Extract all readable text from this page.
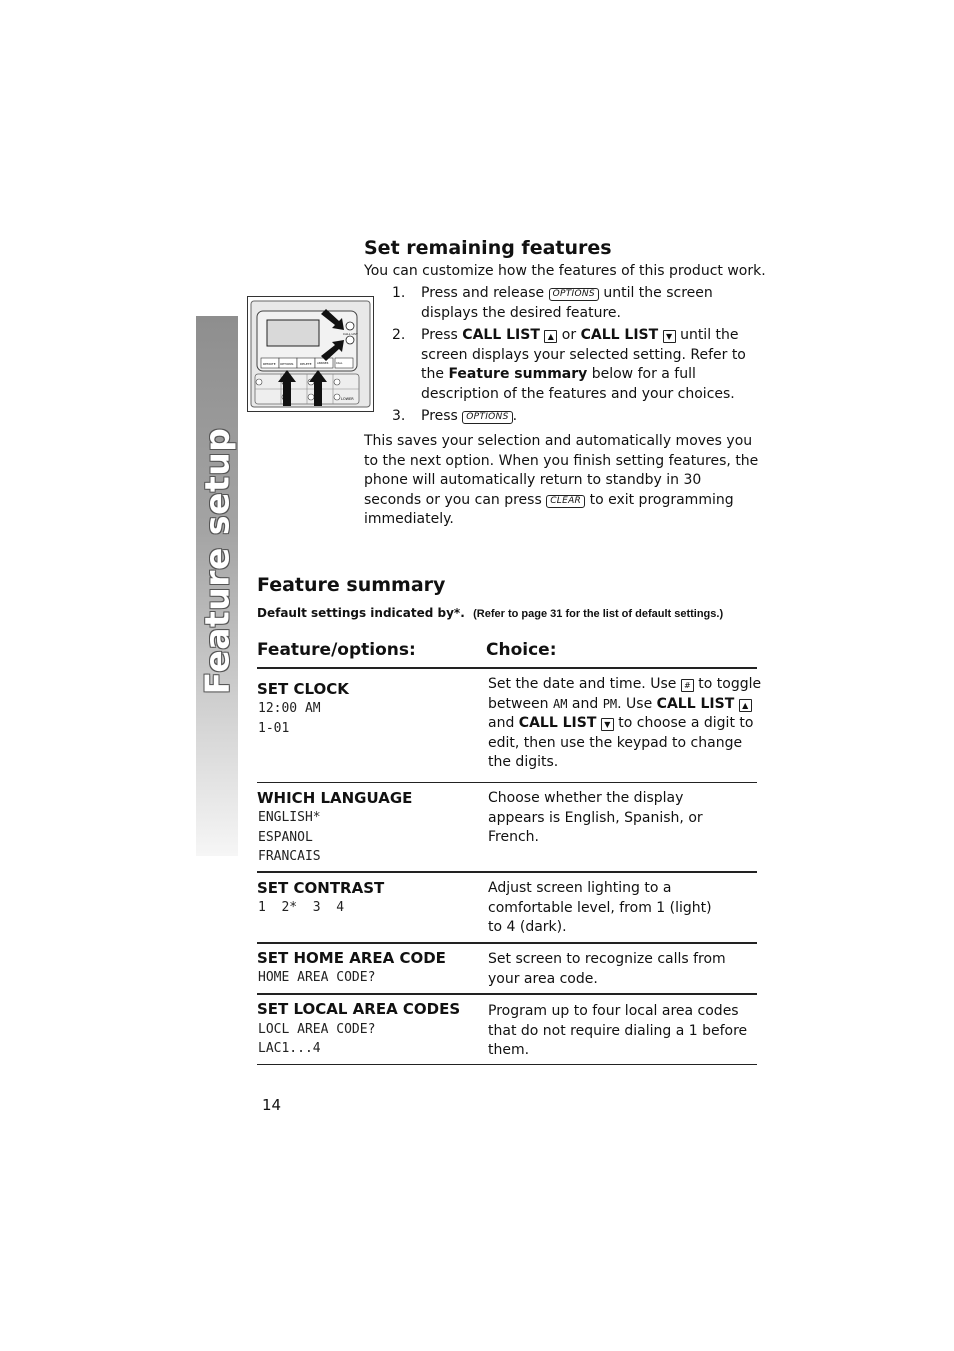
Feature setup
CALL LIST
REMOTE OPTIONS DELETE ANSWER	CALL
LOWER
Set remaining features
You can customize how the features of this product work.
1. Press and release OPTIONS until the screen displays the desired feature.
2. Press CALL LIST ▲ or CALL LIST ▼ until the screen displays your selected setting. Refer to the Feature summary below for a full description of the features and your choices.
3. Press OPTIONS .
This saves your selection and automatically moves you to the next option. When you finish setting features, the phone will automatically return to standby in 30 seconds or you can press CLEAR to exit programming immediately.
Feature summary
Default settings indicated by*. (Refer to page 31 for the list of default settings.)
Feature/options:	Choice:
SET CLOCK
12:00 AM
1-01
Set the date and time. Use # to toggle between AM and PM. Use CALL LIST ▲ and CALL LIST ▼ to choose a digit to edit, then use the keypad to change the digits.
WHICH LANGUAGE
ENGLISH*
ESPANOL
FRANCAIS
Choose whether the display appears is English, Spanish, or French.
SET CONTRAST
1  2*  3  4
Adjust screen lighting to a comfortable level, from 1 (light) to 4 (dark).
SET HOME AREA CODE
HOME AREA CODE?
Set screen to recognize calls from your area code.
SET LOCAL AREA CODES
LOCL AREA CODE?
LAC1...4
Program up to four local area codes that do not require dialing a 1 before them.
14
